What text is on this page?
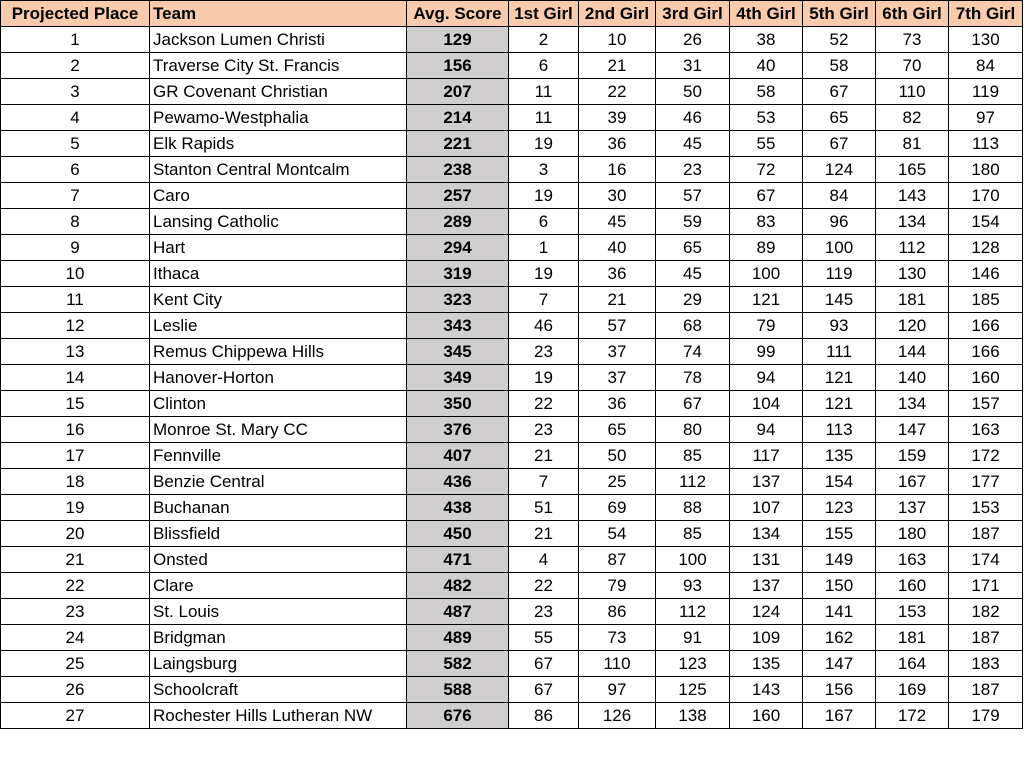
Projected Place	Team	Avg. Score	1st Girl	2nd Girl	3rd Girl	4th Girl	5th Girl	6th Girl	7th Girl
1	Jackson Lumen Christi	129	2	10	26	38	52	73	130
2	Traverse City St. Francis	156	6	21	31	40	58	70	84
3	GR Covenant Christian	207	11	22	50	58	67	110	119
4	Pewamo-Westphalia	214	11	39	46	53	65	82	97
5	Elk Rapids	221	19	36	45	55	67	81	113
6	Stanton Central Montcalm	238	3	16	23	72	124	165	180
7	Caro	257	19	30	57	67	84	143	170
8	Lansing Catholic	289	6	45	59	83	96	134	154
9	Hart	294	1	40	65	89	100	112	128
10	Ithaca	319	19	36	45	100	119	130	146
11	Kent City	323	7	21	29	121	145	181	185
12	Leslie	343	46	57	68	79	93	120	166
13	Remus Chippewa Hills	345	23	37	74	99	111	144	166
14	Hanover-Horton	349	19	37	78	94	121	140	160
15	Clinton	350	22	36	67	104	121	134	157
16	Monroe St. Mary CC	376	23	65	80	94	113	147	163
17	Fennville	407	21	50	85	117	135	159	172
18	Benzie Central	436	7	25	112	137	154	167	177
19	Buchanan	438	51	69	88	107	123	137	153
20	Blissfield	450	21	54	85	134	155	180	187
21	Onsted	471	4	87	100	131	149	163	174
22	Clare	482	22	79	93	137	150	160	171
23	St. Louis	487	23	86	112	124	141	153	182
24	Bridgman	489	55	73	91	109	162	181	187
25	Laingsburg	582	67	110	123	135	147	164	183
26	Schoolcraft	588	67	97	125	143	156	169	187
27	Rochester Hills Lutheran NW	676	86	126	138	160	167	172	179
